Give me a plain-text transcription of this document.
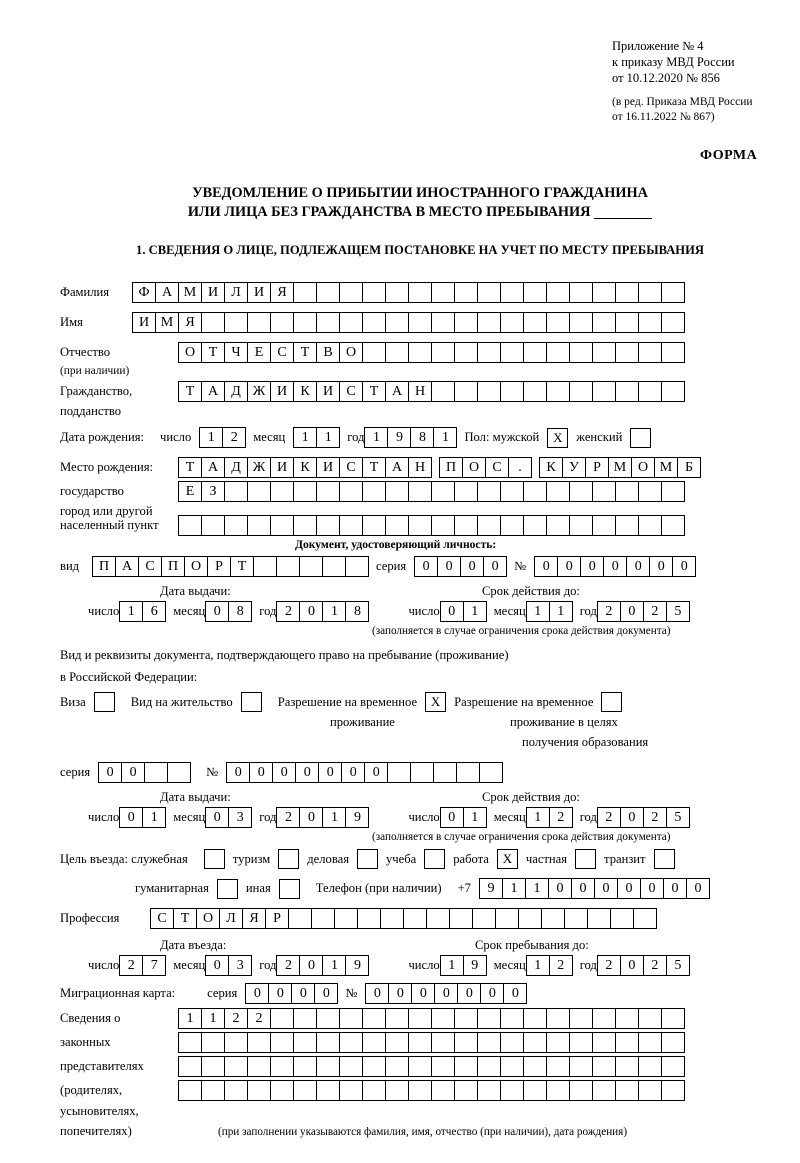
Приложение № 4
к приказу МВД России
от 10.12.2020 № 856
(в ред. Приказа МВД России
от 16.11.2022 № 867)
ФОРМА
УВЕДОМЛЕНИЕ О ПРИБЫТИИ ИНОСТРАННОГО ГРАЖДАНИНА
ИЛИ ЛИЦА БЕЗ ГРАЖДАНСТВА В МЕСТО ПРЕБЫВАНИЯ
1. СВЕДЕНИЯ О ЛИЦЕ, ПОДЛЕЖАЩЕМ ПОСТАНОВКЕ НА УЧЕТ ПО МЕСТУ ПРЕБЫВАНИЯ
Фамилия	Ф А М И Л И Я
Имя	И М Я
Отчество	О Т	Ч	Е	С	Т	В О
(при наличии)
Гражданство,	Т А Д Ж И К И С	Т А Н
подданство
Дата рождения: число	1	2	месяц	1	1	год 1	9	8	1	Пол: мужской	X	женский
Место рождения:	Т А Д Ж И К И С	Т А Н	П О С	.	К У	Р М О М Б
государство	Е	З
город или другой
населенный пункт
Документ, удостоверяющий личность:
вид	П А С П О	Р	Т	серия	0	0	0	0	№	0	0	0	0	0	0	0
Дата выдачи:	Срок действия до:
число 1	6	месяц 0	8	год 2	0	1	8	число 0	1	месяц 1	1	год 2	0	2	5
(заполняется в случае ограничения срока действия документа)
Вид и реквизиты документа, подтверждающего право на пребывание (проживание)
в Российской Федерации:
Виза	Вид на жительство	Разрешение на временное	X	Разрешение на временное
проживание	проживание в целях
получения образования
серия	0	0	№	0	0	0	0	0	0	0
Дата выдачи:	Срок действия до:
число 0	1	месяц 0	3	год 2	0	1	9	число 0	1	месяц 1	2	год 2	0	2	5
(заполняется в случае ограничения срока действия документа)
Цель въезда: служебная	туризм	деловая	учеба	работа	X	частная	транзит
гуманитарная	иная	Телефон (при наличии) +7	9	1	1	0	0	0	0	0	0	0
Профессия	С	Т О Л Я	Р
Дата въезда:	Срок пребывания до:
число 2	7	месяц 0	3	год 2	0	1	9	число 1	9	месяц 1	2	год 2	0	2	5
Миграционная карта:	серия	0	0	0	0	№	0	0	0	0	0	0	0
Сведения о	1	1	2	2
законных
представителях
(родителях,
усыновителях,
попечителях)	(при заполнении указываются фамилия, имя, отчество (при наличии), дата рождения)
